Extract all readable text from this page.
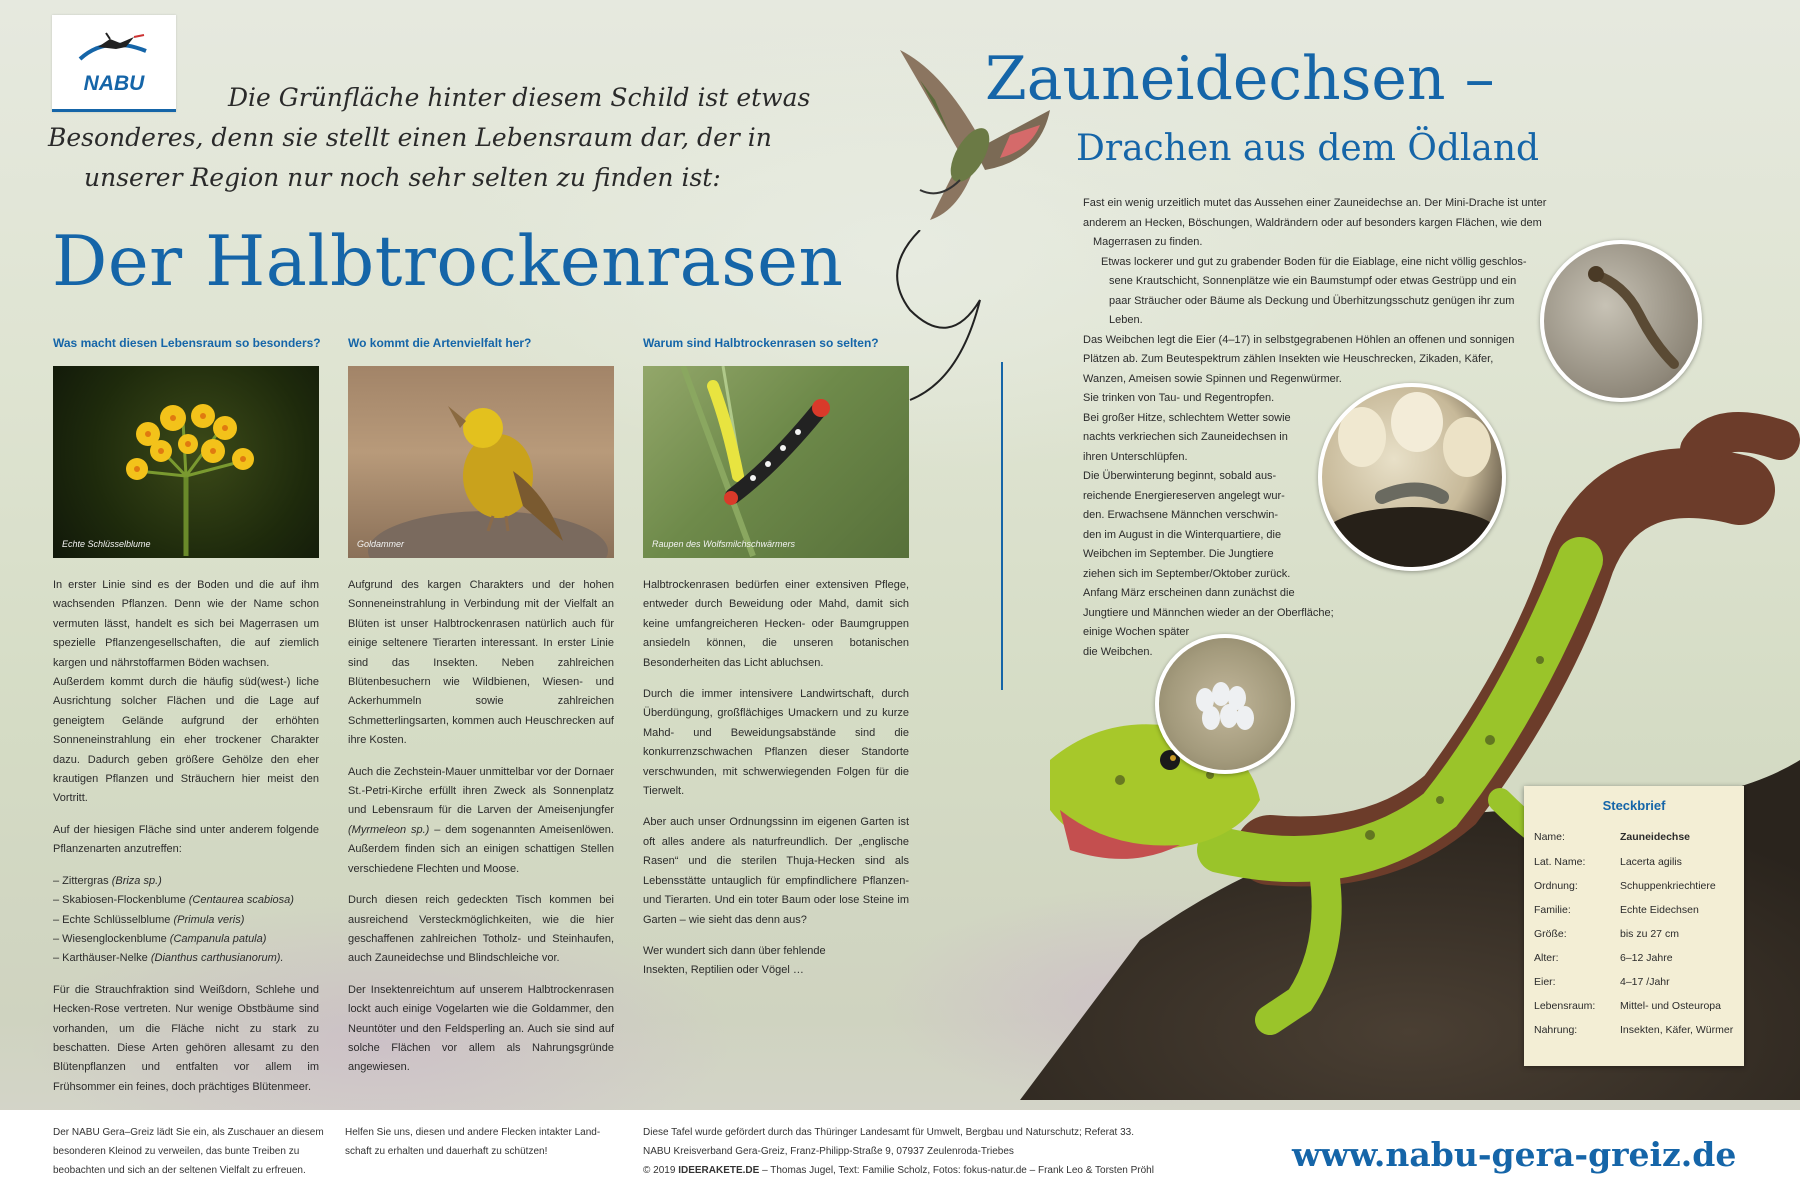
NABU	Die Grünfläche hinter diesem Schild ist etwas
Besonderes, denn sie stellt einen Lebensraum dar, der in
unserer Region nur noch sehr selten zu finden ist:
Der Halbtrockenrasen
Zauneidechsen –
Drachen aus dem Ödland
Was macht diesen Lebensraum so besonders? Wo kommt die Artenvielfalt her?	Warum sind Halbtrockenrasen so selten?
Echte Schlüsselblume	Goldammer	Raupen des Wolfsmilchschwärmers

In erster Linie sind es der Boden und die auf ihm wachsenden Pflanzen. Denn wie der Name schon vermuten lässt, handelt es sich bei Magerrasen um spezielle Pflanzengesellschaften, die auf ziemlich kargen und nährstoffarmen Böden wachsen.
Außerdem kommt durch die häufig süd(west-) liche Ausrichtung solcher Flächen und die Lage auf geneigtem Gelände aufgrund der erhöhten Sonneneinstrahlung ein eher trockener Charakter dazu. Dadurch geben größere Gehölze den eher krautigen Pflanzen und Sträuchern hier meist den Vortritt.

Auf der hiesigen Fläche sind unter anderem folgende Pflanzenarten anzutreffen:

– Zittergras (Briza sp.)
– Skabiosen-Flockenblume (Centaurea scabiosa)
– Echte Schlüsselblume (Primula veris)
– Wiesenglockenblume (Campanula patula)
– Karthäuser-Nelke (Dianthus carthusianorum).

Für die Strauchfraktion sind Weißdorn, Schlehe und Hecken-Rose vertreten. Nur wenige Obstbäume sind vorhanden, um die Fläche nicht zu stark zu beschatten. Diese Arten gehören allesamt zu den Blütenpflanzen und entfalten vor allem im Frühsommer ein feines, doch prächtiges Blütenmeer.

Aufgrund des kargen Charakters und der hohen Sonneneinstrahlung in Verbindung mit der Vielfalt an Blüten ist unser Halbtrockenrasen natürlich auch für einige seltenere Tierarten interessant. In erster Linie sind das Insekten. Neben zahlreichen Blütenbesuchern wie Wildbienen, Wiesen- und Ackerhummeln sowie zahlreichen Schmetterlingsarten, kommen auch Heuschrecken auf ihre Kosten.

Auch die Zechstein-Mauer unmittelbar vor der Dornaer St.-Petri-Kirche erfüllt ihren Zweck als Sonnenplatz und Lebensraum für die Larven der Ameisenjungfer (Myrmeleon sp.) – dem sogenannten Ameisenlöwen. Außerdem finden sich an einigen schattigen Stellen verschiedene Flechten und Moose.

Durch diesen reich gedeckten Tisch kommen bei ausreichend Versteckmöglichkeiten, wie die hier geschaffenen zahlreichen Totholz- und Steinhaufen, auch Zauneidechse und Blindschleiche vor.

Der Insektenreichtum auf unserem Halbtrockenrasen lockt auch einige Vogelarten wie die Goldammer, den Neuntöter und den Feldsperling an. Auch sie sind auf solche Flächen vor allem als Nahrungsgründe angewiesen.

Halbtrockenrasen bedürfen einer extensiven Pflege, entweder durch Beweidung oder Mahd, damit sich keine umfangreicheren Hecken- oder Baumgruppen ansiedeln können, die unseren botanischen Besonderheiten das Licht abluchsen.

Durch die immer intensivere Landwirtschaft, durch Überdüngung, großflächiges Umackern und zu kurze Mahd- und Beweidungsabstände sind die konkurrenzschwachen Pflanzen dieser Standorte verschwunden, mit schwerwiegenden Folgen für die Tierwelt.

Aber auch unser Ordnungssinn im eigenen Garten ist oft alles andere als naturfreundlich. Der „englische Rasen“ und die sterilen Thuja-Hecken sind als Lebensstätte untauglich für empfindlichere Pflanzen- und Tierarten. Und ein toter Baum oder lose Steine im Garten – wie sieht das denn aus?

Wer wundert sich dann über fehlende
Insekten, Reptilien oder Vögel …

Fast ein wenig urzeitlich mutet das Aussehen einer Zauneidechse an. Der Mini-Drache ist unter
anderem an Hecken, Böschungen, Waldrändern oder auf besonders kargen Flächen, wie dem
Magerrasen zu finden.
Etwas lockerer und gut zu grabender Boden für die Eiablage, eine nicht völlig geschlos-
sene Krautschicht, Sonnenplätze wie ein Baumstumpf oder etwas Gestrüpp und ein
paar Sträucher oder Bäume als Deckung und Überhitzungsschutz genügen ihr zum
Leben.
Das Weibchen legt die Eier (4–17) in selbstgegrabenen Höhlen an offenen und sonnigen
Plätzen ab. Zum Beutespektrum zählen Insekten wie Heuschrecken, Zikaden, Käfer,
Wanzen, Ameisen sowie Spinnen und Regenwürmer.
Sie trinken von Tau- und Regentropfen.
Bei großer Hitze, schlechtem Wetter sowie
nachts verkriechen sich Zauneidechsen in
ihren Unterschlüpfen.
Die Überwinterung beginnt, sobald aus-
reichende Energiereserven angelegt wur-
den. Erwachsene Männchen verschwin-
den im August in die Winterquartiere, die
Weibchen im September. Die Jungtiere
ziehen sich im September/Oktober zurück.
Anfang März erscheinen dann zunächst die
Jungtiere und Männchen wieder an der Oberfläche;
einige Wochen später
die Weibchen.
Steckbrief
Name:	Zauneidechse
Lat. Name:	Lacerta agilis
Ordnung:	Schuppenkriechtiere
Familie:	Echte Eidechsen
Größe:	bis zu 27 cm
Alter:	6–12 Jahre
Eier:	4–17 /Jahr
Lebensraum: Mittel- und Osteuropa
Nahrung:	Insekten, Käfer, Würmer
Der NABU Gera–Greiz lädt Sie ein, als Zuschauer an diesem
besonderen Kleinod zu verweilen, das bunte Treiben zu
beobachten und sich an der seltenen Vielfalt zu erfreuen.
Helfen Sie uns, diesen und andere Flecken intakter Land-
schaft zu erhalten und dauerhaft zu schützen!
Diese Tafel wurde gefördert durch das Thüringer Landesamt für Umwelt, Bergbau und Naturschutz; Referat 33.
NABU Kreisverband Gera-Greiz, Franz-Philipp-Straße 9, 07937 Zeulenroda-Triebes
© 2019 IDEERAKETE.DE – Thomas Jugel, Text: Familie Scholz, Fotos: fokus-natur.de – Frank Leo & Torsten Pröhl	www.nabu-gera-greiz.de
